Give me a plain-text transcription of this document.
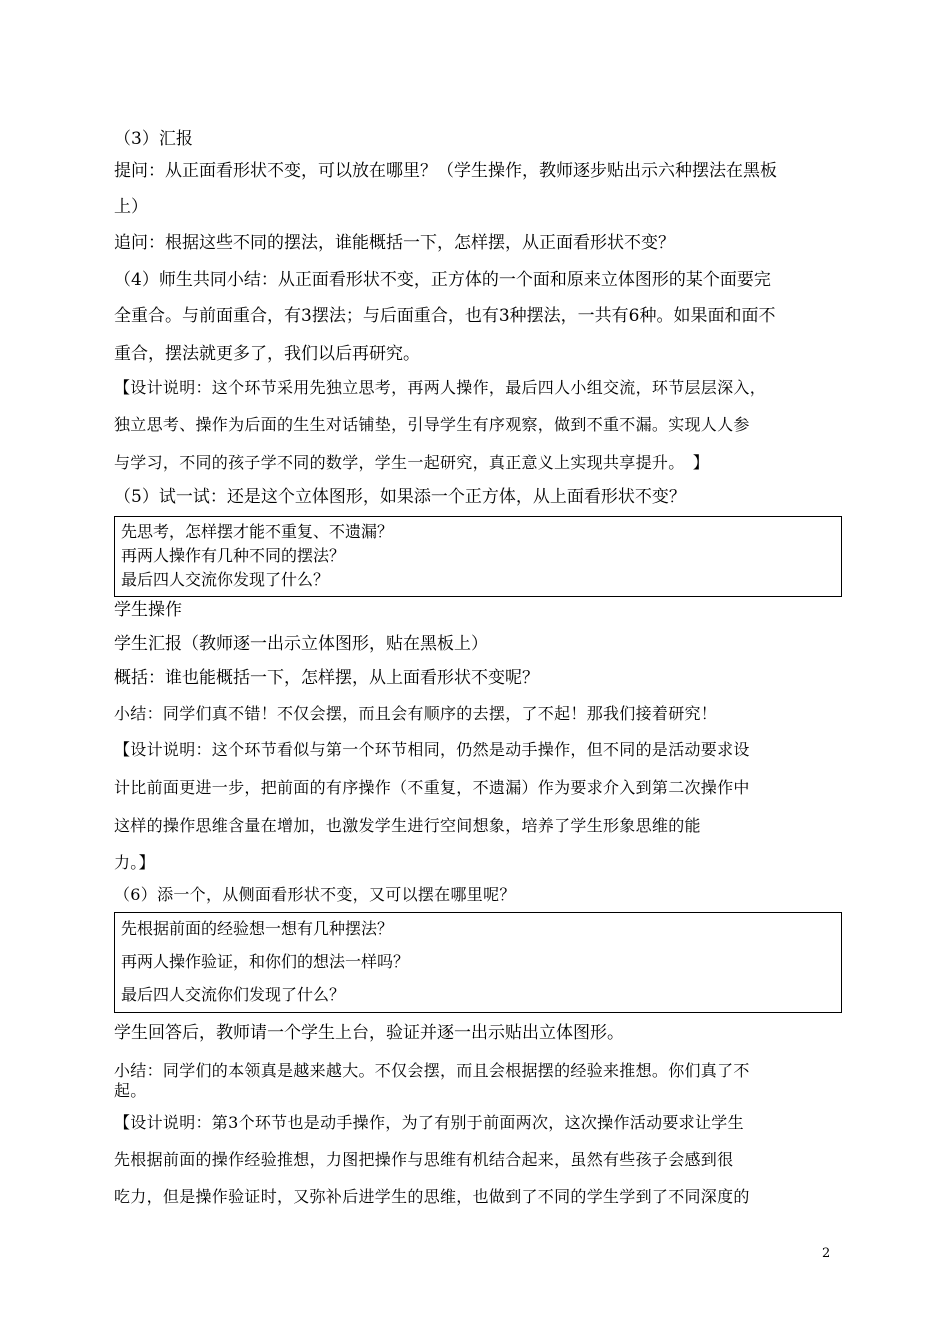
（3）汇报
提问：从正面看形状不变，可以放在哪里？（学生操作，教师逐步贴出示六种摆法在黑板
上）
追问：根据这些不同的摆法，谁能概括一下，怎样摆，从正面看形状不变？
（4）师生共同小结：从正面看形状不变，正方体的一个面和原来立体图形的某个面要完
全重合。与前面重合，有3摆法；与后面重合，也有3种摆法，一共有6种。如果面和面不
重合，摆法就更多了，我们以后再研究。
【设计说明：这个环节采用先独立思考，再两人操作，最后四人小组交流，环节层层深入，
独立思考、操作为后面的生生对话铺垫，引导学生有序观察，做到不重不漏。实现人人参
与学习，不同的孩子学不同的数学，学生一起研究，真正意义上实现共享提升。　】
（5）试一试：还是这个立体图形，如果添一个正方体，从上面看形状不变？
先思考，怎样摆才能不重复、不遗漏？
再两人操作有几种不同的摆法？
最后四人交流你发现了什么？
学生操作
学生汇报（教师逐一出示立体图形，贴在黑板上）
概括：谁也能概括一下，怎样摆，从上面看形状不变呢？
小结：同学们真不错！不仅会摆，而且会有顺序的去摆，了不起！那我们接着研究！
【设计说明：这个环节看似与第一个环节相同，仍然是动手操作，但不同的是活动要求设
计比前面更进一步，把前面的有序操作（不重复，不遗漏）作为要求介入到第二次操作中
这样的操作思维含量在增加，也激发学生进行空间想象，培养了学生形象思维的能
力。】
（6）添一个，从侧面看形状不变，又可以摆在哪里呢？
先根据前面的经验想一想有几种摆法？
再两人操作验证，和你们的想法一样吗？
最后四人交流你们发现了什么？
学生回答后，教师请一个学生上台，验证并逐一出示贴出立体图形。
小结：同学们的本领真是越来越大。不仅会摆，而且会根据摆的经验来推想。你们真了不
起。
【设计说明：第3个环节也是动手操作，为了有别于前面两次，这次操作活动要求让学生
先根据前面的操作经验推想，力图把操作与思维有机结合起来，虽然有些孩子会感到很
吃力，但是操作验证时，又弥补后进学生的思维，也做到了不同的学生学到了不同深度的
2
